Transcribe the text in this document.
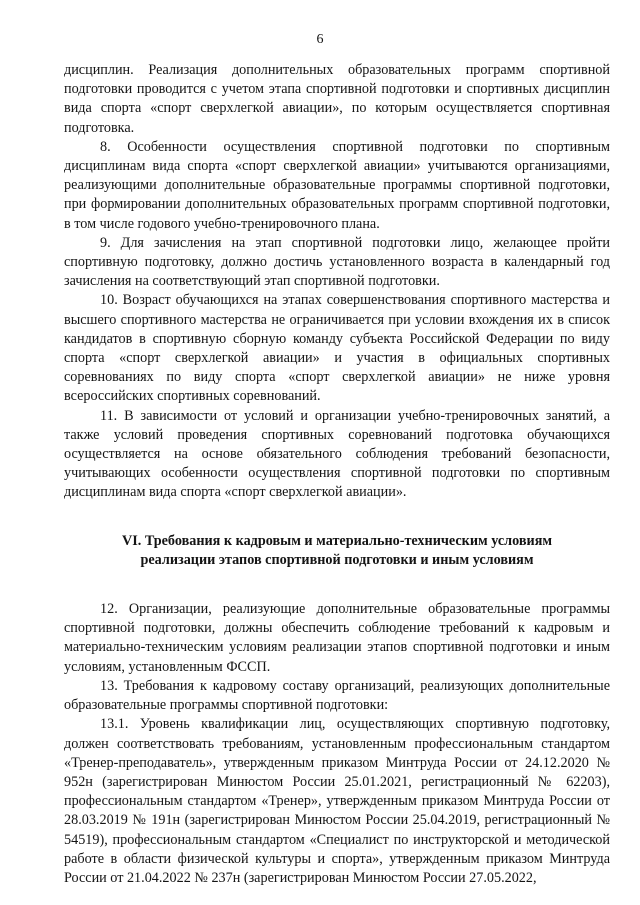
6

дисциплин. Реализация дополнительных образовательных программ спортивной подготовки проводится с учетом этапа спортивной подготовки и спортивных дисциплин вида спорта «спорт сверхлегкой авиации», по которым осуществляется спортивная подготовка.

8. Особенности осуществления спортивной подготовки по спортивным дисциплинам вида спорта «спорт сверхлегкой авиации» учитываются организациями, реализующими дополнительные образовательные программы спортивной подготовки, при формировании дополнительных образовательных программ спортивной подготовки, в том числе годового учебно-тренировочного плана.

9. Для зачисления на этап спортивной подготовки лицо, желающее пройти спортивную подготовку, должно достичь установленного возраста в календарный год зачисления на соответствующий этап спортивной подготовки.

10. Возраст обучающихся на этапах совершенствования спортивного мастерства и высшего спортивного мастерства не ограничивается при условии вхождения их в список кандидатов в спортивную сборную команду субъекта Российской Федерации по виду спорта «спорт сверхлегкой авиации» и участия в официальных спортивных соревнованиях по виду спорта «спорт сверхлегкой авиации» не ниже уровня всероссийских спортивных соревнований.

11. В зависимости от условий и организации учебно-тренировочных занятий, а также условий проведения спортивных соревнований подготовка обучающихся осуществляется на основе обязательного соблюдения требований безопасности, учитывающих особенности осуществления спортивной подготовки по спортивным дисциплинам вида спорта «спорт сверхлегкой авиации».

VI. Требования к кадровым и материально-техническим условиям
реализации этапов спортивной подготовки и иным условиям

12. Организации, реализующие дополнительные образовательные программы спортивной подготовки, должны обеспечить соблюдение требований к кадровым и материально-техническим условиям реализации этапов спортивной подготовки и иным условиям, установленным ФССП.

13. Требования к кадровому составу организаций, реализующих дополнительные образовательные программы спортивной подготовки:

13.1. Уровень квалификации лиц, осуществляющих спортивную подготовку, должен соответствовать требованиям, установленным профессиональным стандартом «Тренер-преподаватель», утвержденным приказом Минтруда России от 24.12.2020 № 952н (зарегистрирован Минюстом России 25.01.2021, регистрационный № 62203), профессиональным стандартом «Тренер», утвержденным приказом Минтруда России от 28.03.2019 № 191н (зарегистрирован Минюстом России 25.04.2019, регистрационный № 54519), профессиональным стандартом «Специалист по инструкторской и методической работе в области физической культуры и спорта», утвержденным приказом Минтруда России от 21.04.2022 № 237н (зарегистрирован Минюстом России 27.05.2022,
